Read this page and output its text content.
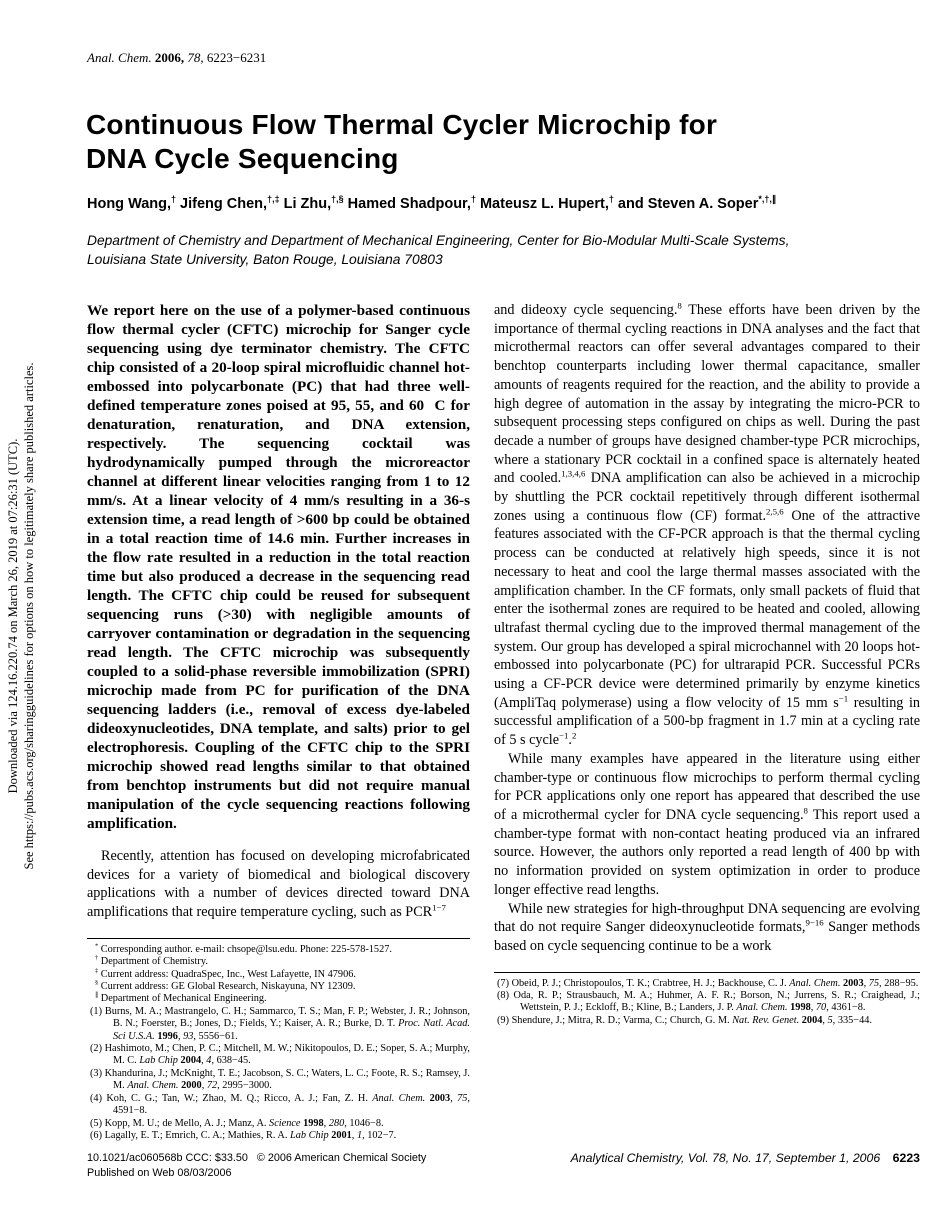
Downloaded via 124.16.220.74 on March 26, 2019 at 07:26:31 (UTC). See https://pubs.acs.org/sharingguidelines for options on how to legitimately share published articles.
Anal. Chem. 2006, 78, 6223−6231
Continuous Flow Thermal Cycler Microchip for
DNA Cycle Sequencing
Hong Wang,† Jifeng Chen,†,‡ Li Zhu,†,§ Hamed Shadpour,† Mateusz L. Hupert,† and Steven A. Soper*,†,∥
Department of Chemistry and Department of Mechanical Engineering, Center for Bio-Modular Multi-Scale Systems,
Louisiana State University, Baton Rouge, Louisiana 70803
We report here on the use of a polymer-based continuous flow thermal cycler (CFTC) microchip for Sanger cycle sequencing using dye terminator chemistry. The CFTC chip consisted of a 20-loop spiral microfluidic channel hot-embossed into polycarbonate (PC) that had three well-defined temperature zones poised at 95, 55, and 60  C for denaturation, renaturation, and DNA extension, respectively. The sequencing cocktail was hydrodynamically pumped through the microreactor channel at different linear velocities ranging from 1 to 12 mm/s. At a linear velocity of 4 mm/s resulting in a 36-s extension time, a read length of >600 bp could be obtained in a total reaction time of 14.6 min. Further increases in the flow rate resulted in a reduction in the total reaction time but also produced a decrease in the sequencing read length. The CFTC chip could be reused for subsequent sequencing runs (>30) with negligible amounts of carryover contamination or degradation in the sequencing read length. The CFTC microchip was subsequently coupled to a solid-phase reversible immobilization (SPRI) microchip made from PC for purification of the DNA sequencing ladders (i.e., removal of excess dye-labeled dideoxynucleotides, DNA template, and salts) prior to gel electrophoresis. Coupling of the CFTC chip to the SPRI microchip showed read lengths similar to that obtained from benchtop instruments but did not require manual manipulation of the cycle sequencing reactions following amplification.

Recently, attention has focused on developing microfabricated devices for a variety of biomedical and biological discovery applications with a number of devices directed toward DNA amplifications that require temperature cycling, such as $PCR^{1-7}$

* Corresponding author. e-mail: chsope@lsu.edu. Phone: 225-578-1527.
† Department of Chemistry.
‡ Current address: QuadraSpec, Inc., West Lafayette, IN 47906.
§ Current address: GE Global Research, Niskayuna, NY 12309.
∥ Department of Mechanical Engineering.
(1) Burns, M. A.; Mastrangelo, C. H.; Sammarco, T. S.; Man, F. P.; Webster, J. R.; Johnson, B. N.; Foerster, B.; Jones, D.; Fields, Y.; Kaiser, A. R.; Burke, D. T. Proc. Natl. Acad. Sci U.S.A. 1996, 93, 5556−61.
(2) Hashimoto, M.; Chen, P. C.; Mitchell, M. W.; Nikitopoulos, D. E.; Soper, S. A.; Murphy, M. C. Lab Chip 2004, 4, 638−45.
(3) Khandurina, J.; McKnight, T. E.; Jacobson, S. C.; Waters, L. C.; Foote, R. S.; Ramsey, J. M. Anal. Chem. 2000, 72, 2995−3000.
(4) Koh, C. G.; Tan, W.; Zhao, M. Q.; Ricco, A. J.; Fan, Z. H. Anal. Chem. 2003, 75, 4591−8.
(5) Kopp, M. U.; de Mello, A. J.; Manz, A. Science 1998, 280, 1046−8.
(6) Lagally, E. T.; Emrich, C. A.; Mathies, R. A. Lab Chip 2001, 1, 102−7.

and dideoxy cycle sequencing.$^8$ These efforts have been driven by the importance of thermal cycling reactions in DNA analyses and the fact that microthermal reactors can offer several advantages compared to their benchtop counterparts including lower thermal capacitance, smaller amounts of reagents required for the reaction, and the ability to provide a high degree of automation in the assay by integrating the micro-PCR to subsequent processing steps configured on chips as well. During the past decade a number of groups have designed chamber-type PCR microchips, where a stationary PCR cocktail in a confined space is alternately heated and cooled.$^{1,3,4,6}$ DNA amplification can also be achieved in a microchip by shuttling the PCR cocktail repetitively through different isothermal zones using a continuous flow (CF) format.$^{2,5,6}$ One of the attractive features associated with the CF-PCR approach is that the thermal cycling process can be conducted at relatively high speeds, since it is not necessary to heat and cool the large thermal masses associated with the amplification chamber. In the CF formats, only small packets of fluid that enter the isothermal zones are required to be heated and cooled, allowing ultrafast thermal cycling due to the improved thermal management of the system. Our group has developed a spiral microchannel with 20 loops hot-embossed into polycarbonate (PC) for ultrarapid PCR. Successful PCRs using a CF-PCR device were determined primarily by enzyme kinetics (AmpliTaq polymerase) using a flow velocity of 15 mm $s^{-1}$ resulting in successful amplification of a 500-bp fragment in 1.7 min at a cycling rate of 5 s cycle$^{-1}$.$^2$

While many examples have appeared in the literature using either chamber-type or continuous flow microchips to perform thermal cycling for PCR applications only one report has appeared that described the use of a microthermal cycler for DNA cycle sequencing.$^8$ This report used a chamber-type format with non-contact heating produced via an infrared source. However, the authors only reported a read length of 400 bp with no information provided on system optimization in order to produce longer effective read lengths.

While new strategies for high-throughput DNA sequencing are evolving that do not require Sanger dideoxynucleotide formats,$^{9-16}$ Sanger methods based on cycle sequencing continue to be a work

(7) Obeid, P. J.; Christopoulos, T. K.; Crabtree, H. J.; Backhouse, C. J. Anal. Chem. 2003, 75, 288−95.
(8) Oda, R. P.; Strausbauch, M. A.; Huhmer, A. F. R.; Borson, N.; Jurrens, S. R.; Craighead, J.; Wettstein, P. J.; Eckloff, B.; Kline, B.; Landers, J. P. Anal. Chem. 1998, 70, 4361−8.
(9) Shendure, J.; Mitra, R. D.; Varma, C.; Church, G. M. Nat. Rev. Genet. 2004, 5, 335−44.
10.1021/ac060568b CCC: $33.50   © 2006 American Chemical Society
Published on Web 08/03/2006
Analytical Chemistry, Vol. 78, No. 17, September 1, 2006 6223
